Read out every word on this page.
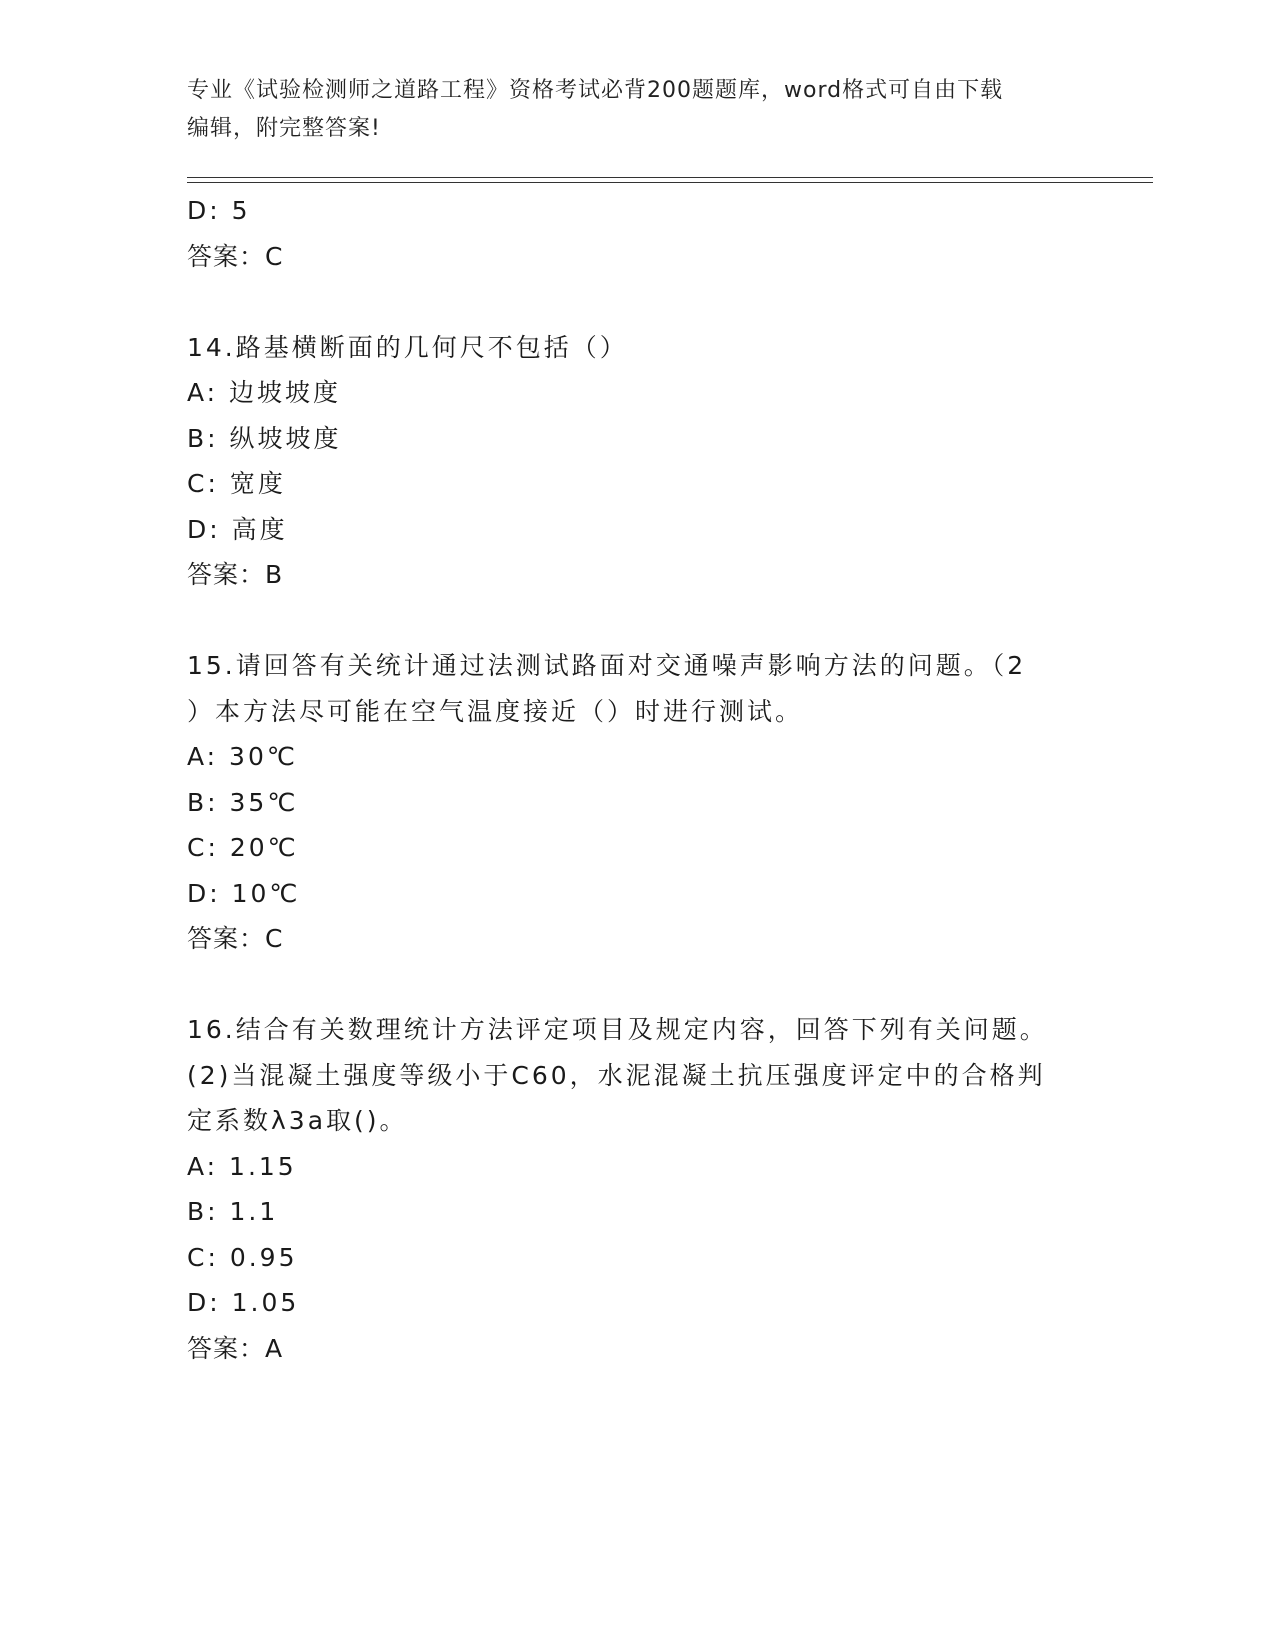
专业《试验检测师之道路工程》资格考试必背200题题库，word格式可自由下载
编辑，附完整答案!
D: 5
答案：C
14.路基横断面的几何尺不包括（）
A: 边坡坡度
B: 纵坡坡度
C: 宽度
D: 高度
答案：B
15.请回答有关统计通过法测试路面对交通噪声影响方法的问题。（2
）本方法尽可能在空气温度接近（）时进行测试。
A: 30℃
B: 35℃
C: 20℃
D: 10℃
答案：C
16.结合有关数理统计方法评定项目及规定内容，回答下列有关问题。
(2)当混凝土强度等级小于C60，水泥混凝土抗压强度评定中的合格判
定系数λ3a取()。
A: 1.15
B: 1.1
C: 0.95
D: 1.05
答案：A
